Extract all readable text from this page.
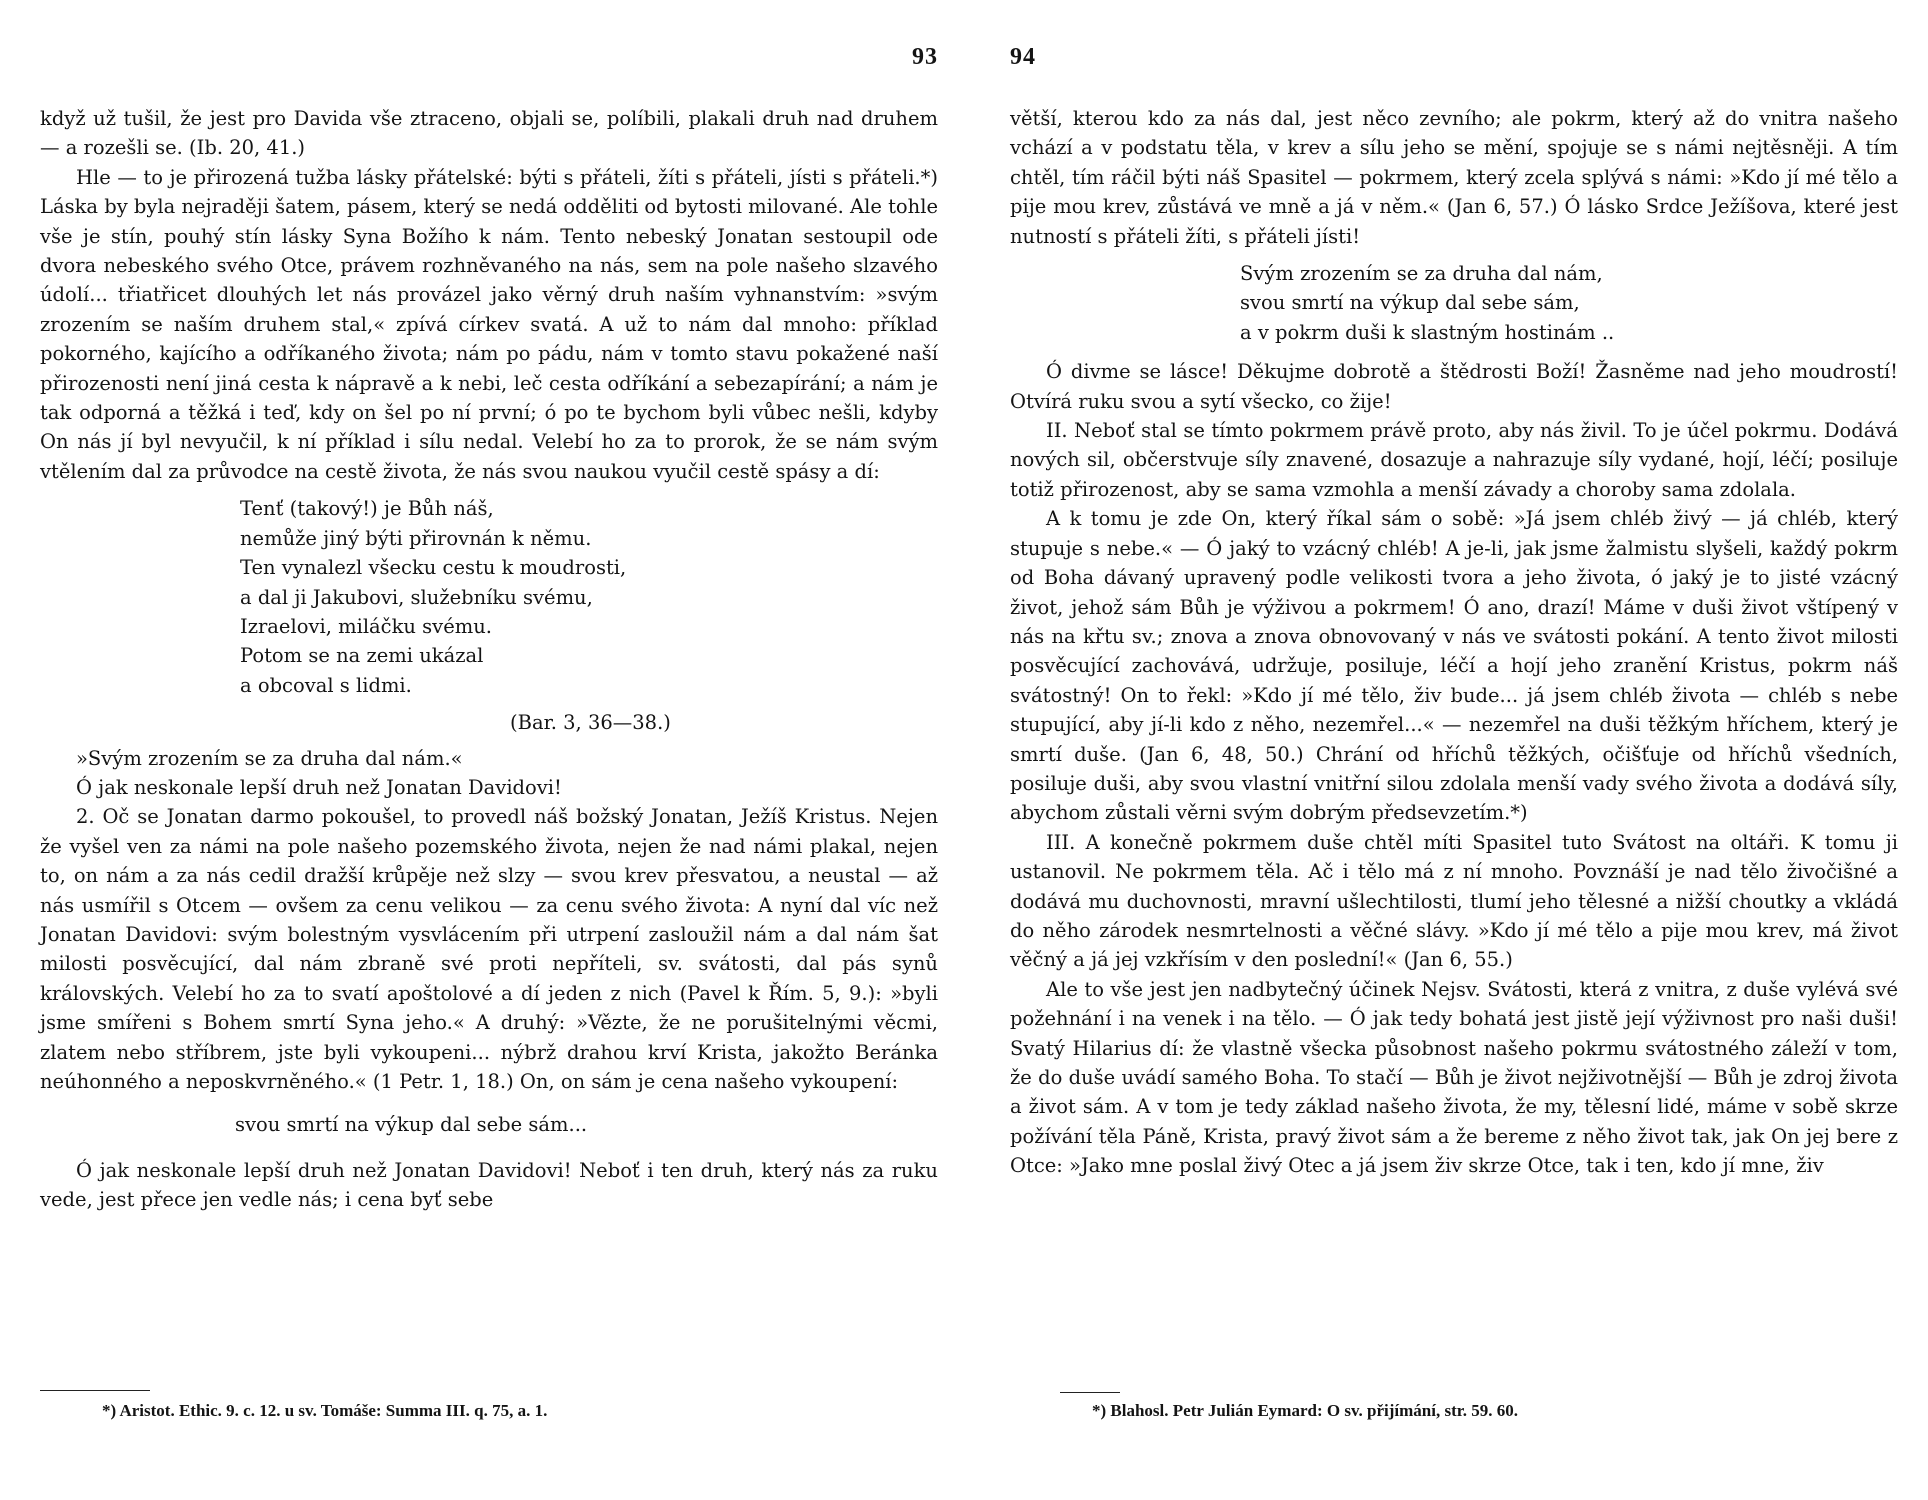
93

když už tušil, že jest pro Davida vše ztraceno, objali se, políbili, plakali druh nad druhem — a rozešli se. (Ib. 20, 41.)

Hle — to je přirozená tužba lásky přátelské: býti s přáteli, žíti s přáteli, jísti s přáteli.*) Láska by byla nejraději šatem, pásem, který se nedá odděliti od bytosti milované. Ale tohle vše je stín, pouhý stín lásky Syna Božího k nám. Tento nebeský Jonatan sestoupil ode dvora nebeského svého Otce, právem rozhněvaného na nás, sem na pole našeho slzavého údolí... třiatřicet dlouhých let nás provázel jako věrný druh naším vyhnanstvím: »svým zrozením se naším druhem stal,« zpívá církev svatá. A už to nám dal mnoho: příklad pokorného, kajícího a odříkaného života; nám po pádu, nám v tomto stavu pokažené naší přirozenosti není jiná cesta k nápravě a k nebi, leč cesta odříkání a sebezapírání; a nám je tak odporná a těžká i teď, kdy on šel po ní první; ó po te bychom byli vůbec nešli, kdyby On nás jí byl nevyučil, k ní příklad i sílu nedal. Velebí ho za to prorok, že se nám svým vtělením dal za průvodce na cestě života, že nás svou naukou vyučil cestě spásy a dí:

Tenť (takový!) je Bůh náš,
nemůže jiný býti přirovnán k němu.
Ten vynalezl všecku cestu k moudrosti,
a dal ji Jakubovi, služebníku svému,
Izraelovi, miláčku svému.
Potom se na zemi ukázal
a obcoval s lidmi.
(Bar. 3, 36—38.)

»Svým zrozením se za druha dal nám.«

Ó jak neskonale lepší druh než Jonatan Davidovi!

2. Oč se Jonatan darmo pokoušel, to provedl náš božský Jonatan, Ježíš Kristus. Nejen že vyšel ven za námi na pole našeho pozemského života, nejen že nad námi plakal, nejen to, on nám a za nás cedil dražší krůpěje než slzy — svou krev přesvatou, a neustal — až nás usmířil s Otcem — ovšem za cenu velikou — za cenu svého života: A nyní dal víc než Jonatan Davidovi: svým bolestným vysvlácením při utrpení zasloužil nám a dal nám šat milosti posvěcující, dal nám zbraně své proti nepříteli, sv. svátosti, dal pás synů královských. Velebí ho za to svatí apoštolové a dí jeden z nich (Pavel k Řím. 5, 9.): »byli jsme smířeni s Bohem smrtí Syna jeho.« A druhý: »Vězte, že ne porušitelnými věcmi, zlatem nebo stříbrem, jste byli vykoupeni... nýbrž drahou krví Krista, jakožto Beránka neúhonného a neposkvrněného.« (1 Petr. 1, 18.) On, on sám je cena našeho vykoupení:

svou smrtí na výkup dal sebe sám...

Ó jak neskonale lepší druh než Jonatan Davidovi! Neboť i ten druh, který nás za ruku vede, jest přece jen vedle nás; i cena byť sebe

*) Aristot. Ethic. 9. c. 12. u sv. Tomáše: Summa III. q. 75, a. 1.
94

větší, kterou kdo za nás dal, jest něco zevního; ale pokrm, který až do vnitra našeho vchází a v podstatu těla, v krev a sílu jeho se mění, spojuje se s námi nejtěsněji. A tím chtěl, tím ráčil býti náš Spasitel — pokrmem, který zcela splývá s námi: »Kdo jí mé tělo a pije mou krev, zůstává ve mně a já v něm.« (Jan 6, 57.) Ó lásko Srdce Ježíšova, které jest nutností s přáteli žíti, s přáteli jísti!

Svým zrozením se za druha dal nám,
svou smrtí na výkup dal sebe sám,
a v pokrm duši k slastným hostinám ..

Ó divme se lásce! Děkujme dobrotě a štědrosti Boží! Žasněme nad jeho moudrostí! Otvírá ruku svou a sytí všecko, co žije!

II. Neboť stal se tímto pokrmem právě proto, aby nás živil. To je účel pokrmu. Dodává nových sil, občerstvuje síly znavené, dosazuje a nahrazuje síly vydané, hojí, léčí; posiluje totiž přirozenost, aby se sama vzmohla a menší závady a choroby sama zdolala.

A k tomu je zde On, který říkal sám o sobě: »Já jsem chléb živý — já chléb, který stupuje s nebe.« — Ó jaký to vzácný chléb! A je-li, jak jsme žalmistu slyšeli, každý pokrm od Boha dávaný upravený podle velikosti tvora a jeho života, ó jaký je to jisté vzácný život, jehož sám Bůh je výživou a pokrmem! Ó ano, drazí! Máme v duši život vštípený v nás na křtu sv.; znova a znova obnovovaný v nás ve svátosti pokání. A tento život milosti posvěcující zachovává, udržuje, posiluje, léčí a hojí jeho zranění Kristus, pokrm náš svátostný! On to řekl: »Kdo jí mé tělo, živ bude... já jsem chléb života — chléb s nebe stupující, aby jí-li kdo z něho, nezemřel...« — nezemřel na duši těžkým hříchem, který je smrtí duše. (Jan 6, 48, 50.) Chrání od hříchů těžkých, očišťuje od hříchů všedních, posiluje duši, aby svou vlastní vnitřní silou zdolala menší vady svého života a dodává síly, abychom zůstali věrni svým dobrým předsevzetím.*)

III. A konečně pokrmem duše chtěl míti Spasitel tuto Svátost na oltáři. K tomu ji ustanovil. Ne pokrmem těla. Ač i tělo má z ní mnoho. Povznáší je nad tělo živočišné a dodává mu duchovnosti, mravní ušlechtilosti, tlumí jeho tělesné a nižší choutky a vkládá do něho zárodek nesmrtelnosti a věčné slávy. »Kdo jí mé tělo a pije mou krev, má život věčný a já jej vzkřísím v den poslední!« (Jan 6, 55.)

Ale to vše jest jen nadbytečný účinek Nejsv. Svátosti, která z vnitra, z duše vylévá své požehnání i na venek i na tělo. — Ó jak tedy bohatá jest jistě její výživnost pro naši duši! Svatý Hilarius dí: že vlastně všecka působnost našeho pokrmu svátostného záleží v tom, že do duše uvádí samého Boha. To stačí — Bůh je život nejživotnější — Bůh je zdroj života a život sám. A v tom je tedy základ našeho života, že my, tělesní lidé, máme v sobě skrze požívání těla Páně, Krista, pravý život sám a že bereme z něho život tak, jak On jej bere z Otce: »Jako mne poslal živý Otec a já jsem živ skrze Otce, tak i ten, kdo jí mne, živ

*) Blahosl. Petr Julián Eymard: O sv. přijímání, str. 59. 60.
